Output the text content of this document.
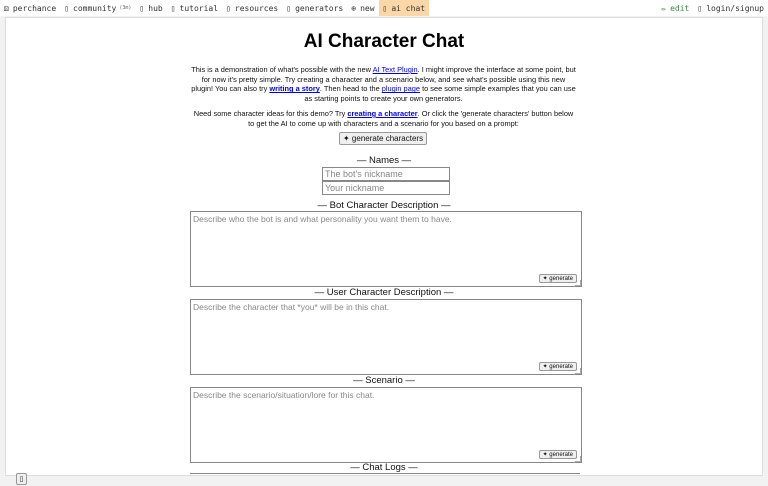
⚄ perchance ▯ community (3m) ▯ hub ▯ tutorial ▯ resources ▯ generators ⊕ new ▯ ai chat	✏ edit ▯ login/signup
AI Character Chat
This is a demonstration of what's possible with the new AI Text Plugin. I might improve the interface at some point, but for now it's pretty simple. Try creating a character and a scenario below, and see what's possible using this new plugin! You can also try writing a story. Then head to the plugin page to see some simple examples that you can use as starting points to create your own generators.
Need some character ideas for this demo? Try creating a character. Or click the 'generate characters' button below to get the AI to come up with characters and a scenario for you based on a prompt:
✦ generate characters
— Names —
The bot's nickname
Your nickname
— Bot Character Description —
Describe who the bot is and what personality you want them to have.
✦ generate
— User Character Description —
Describe the character that *you* will be in this chat.
✦ generate
— Scenario —
Describe the scenario/situation/lore for this chat.
✦ generate
— Chat Logs —
▯
